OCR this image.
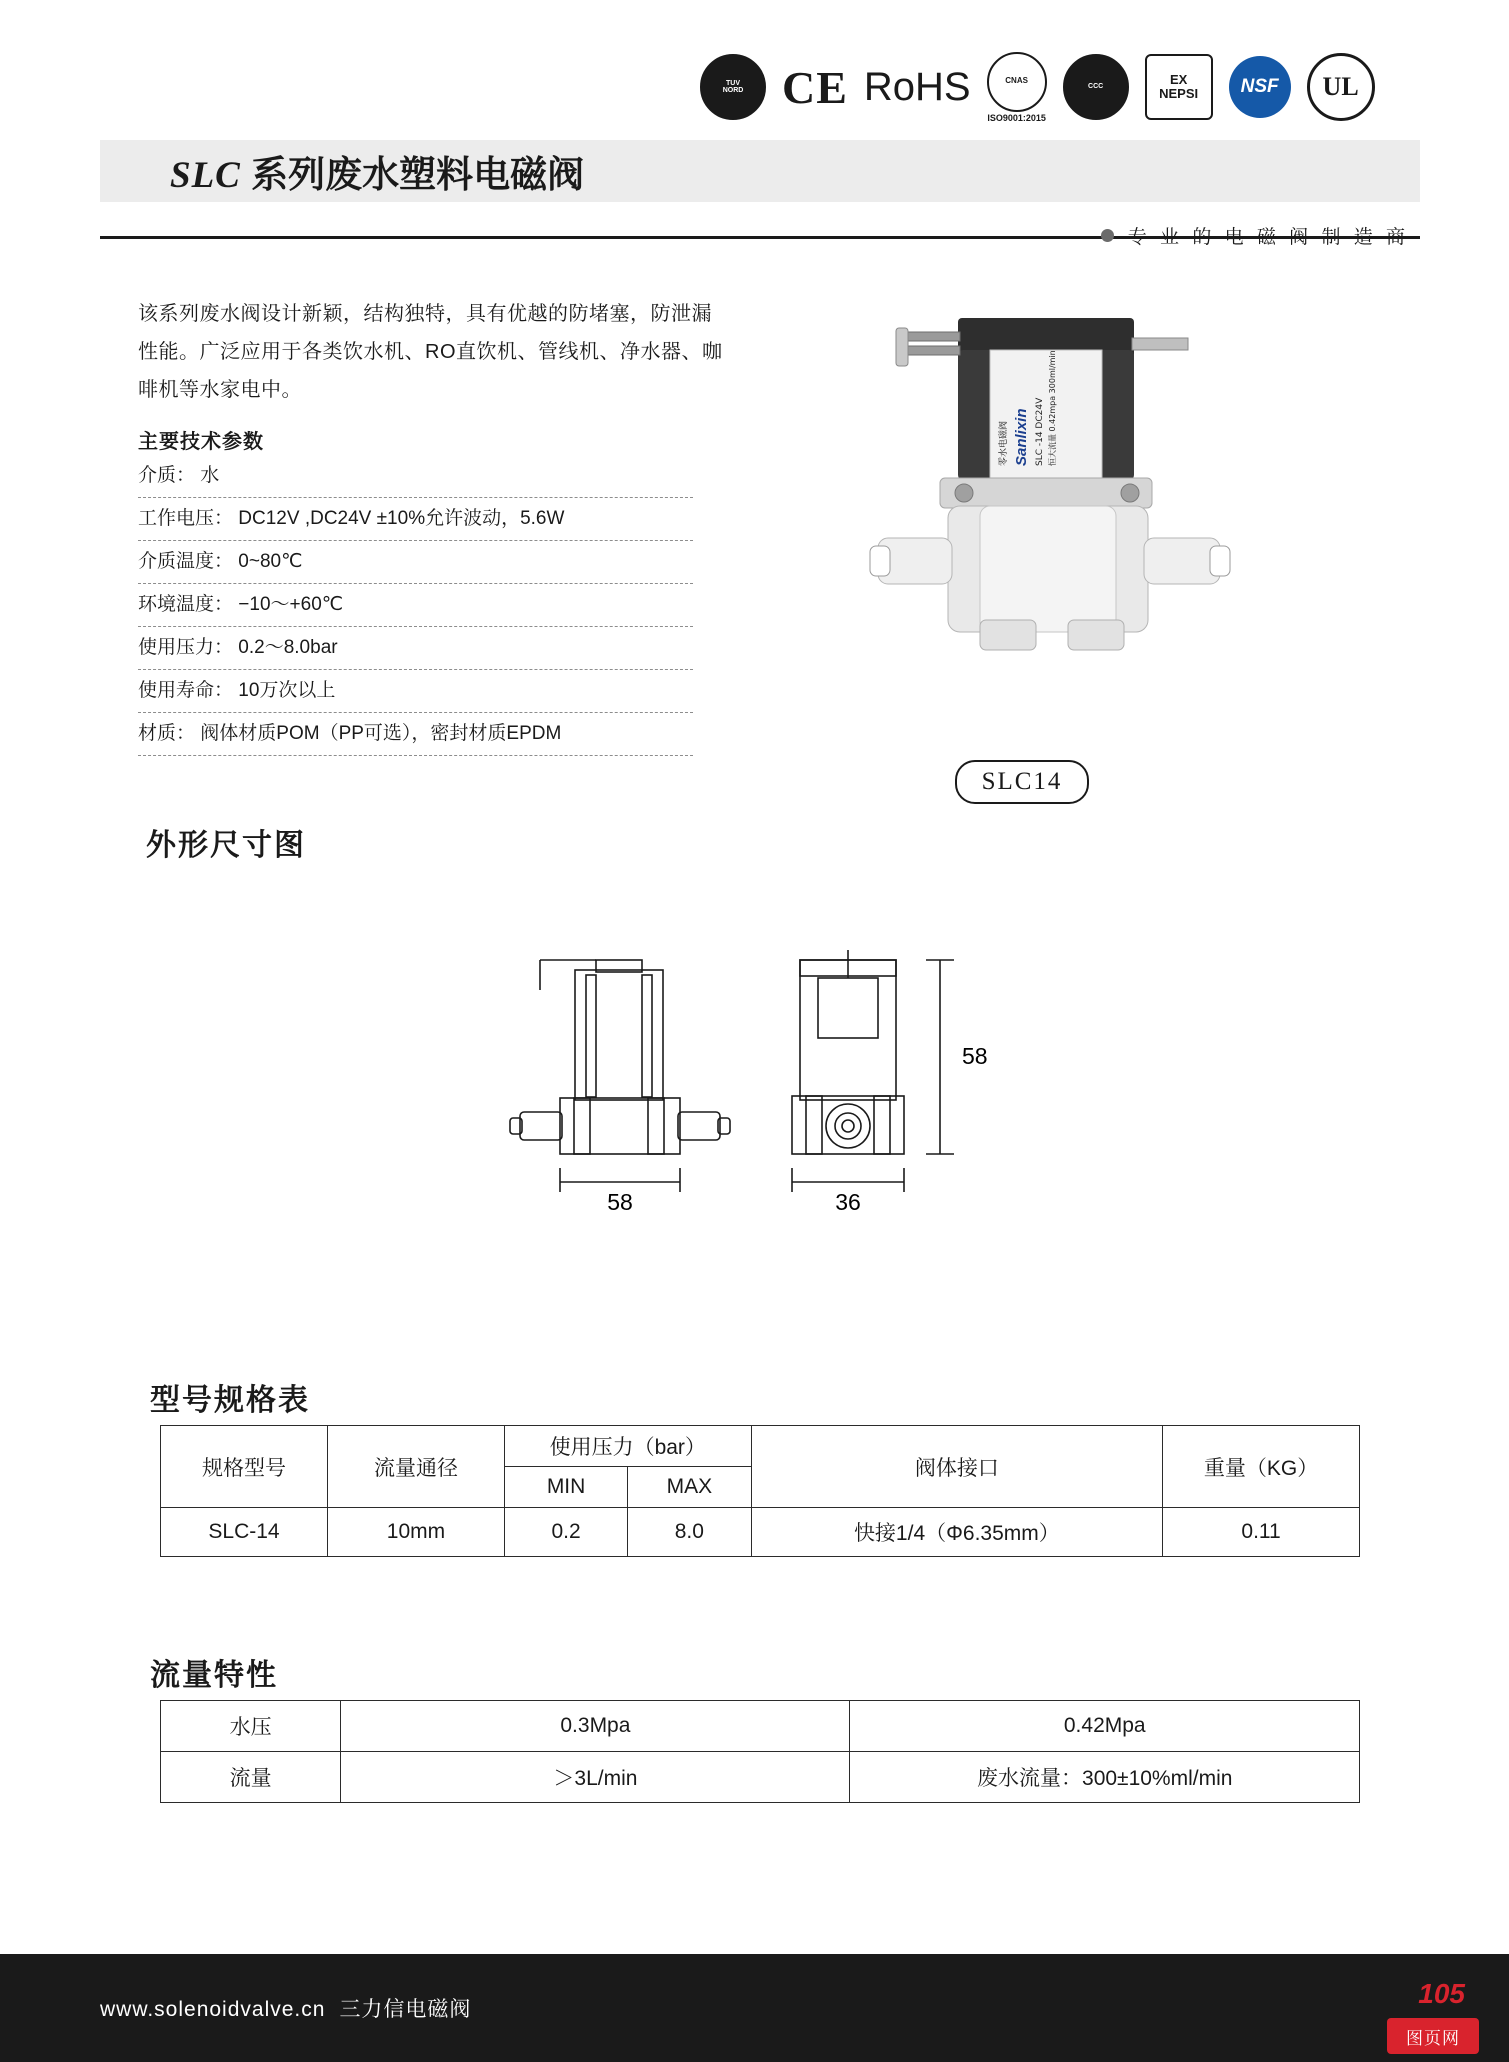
TUV
NORD CE RoHS	CNAS
ISO9001:2015
CCC
EX
NEPSI	NSF	UL
SLC 系列废水塑料电磁阀
专 业 的 电 磁 阀 制 造 商
该系列废水阀设计新颖，结构独特，具有优越的防堵塞，防泄漏性能。广泛应用于各类饮水机、RO直饮机、管线机、净水器、咖啡机等水家电中。
主要技术参数
介质： 水
工作电压： DC12V ,DC24V ±10%允许波动，5.6W
介质温度： 0~80℃
环境温度： −10～+60℃
使用压力： 0.2～8.0bar
使用寿命： 10万次以上
材质： 阀体材质POM（PP可选），密封材质EPDM
Sanlixin SLC -14 DC24V 恒大流量 0.42mpa 300ml/min
零水电磁阀
SLC14
外形尺寸图
58	36
58
型号规格表
规格型号	流量通径	使用压力（bar）		阀体接口	重量（KG）
		MIN	MAX		
SLC-14	10mm	0.2	8.0	快接1/4（Φ6.35mm）	0.11
流量特性
水压	0.3Mpa	0.42Mpa
流量	＞3L/min	废水流量：300±10%ml/min
www.solenoidvalve.cn 三力信电磁阀
105
图页网
